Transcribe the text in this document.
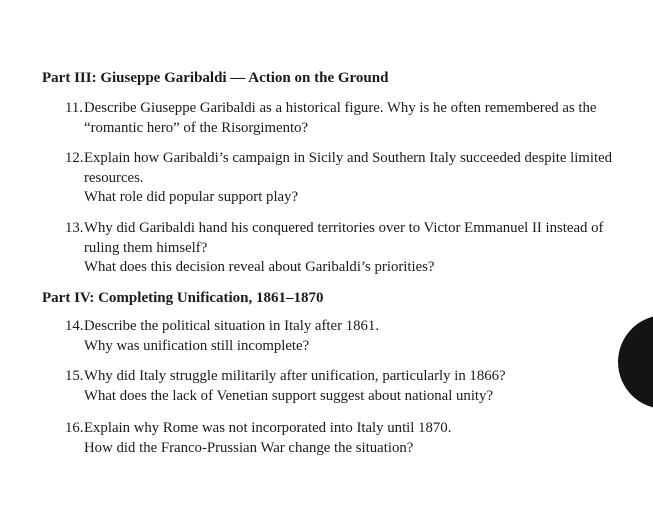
Part III: Giuseppe Garibaldi — Action on the Ground
11. Describe Giuseppe Garibaldi as a historical figure. Why is he often remembered as the
“romantic hero” of the Risorgimento?
12. Explain how Garibaldi’s campaign in Sicily and Southern Italy succeeded despite limited
resources.
What role did popular support play?
13. Why did Garibaldi hand his conquered territories over to Victor Emmanuel II instead of
ruling them himself?
What does this decision reveal about Garibaldi’s priorities?
Part IV: Completing Unification, 1861–1870
14. Describe the political situation in Italy after 1861.
Why was unification still incomplete?
15. Why did Italy struggle militarily after unification, particularly in 1866?
What does the lack of Venetian support suggest about national unity?
16. Explain why Rome was not incorporated into Italy until 1870.
How did the Franco-Prussian War change the situation?
